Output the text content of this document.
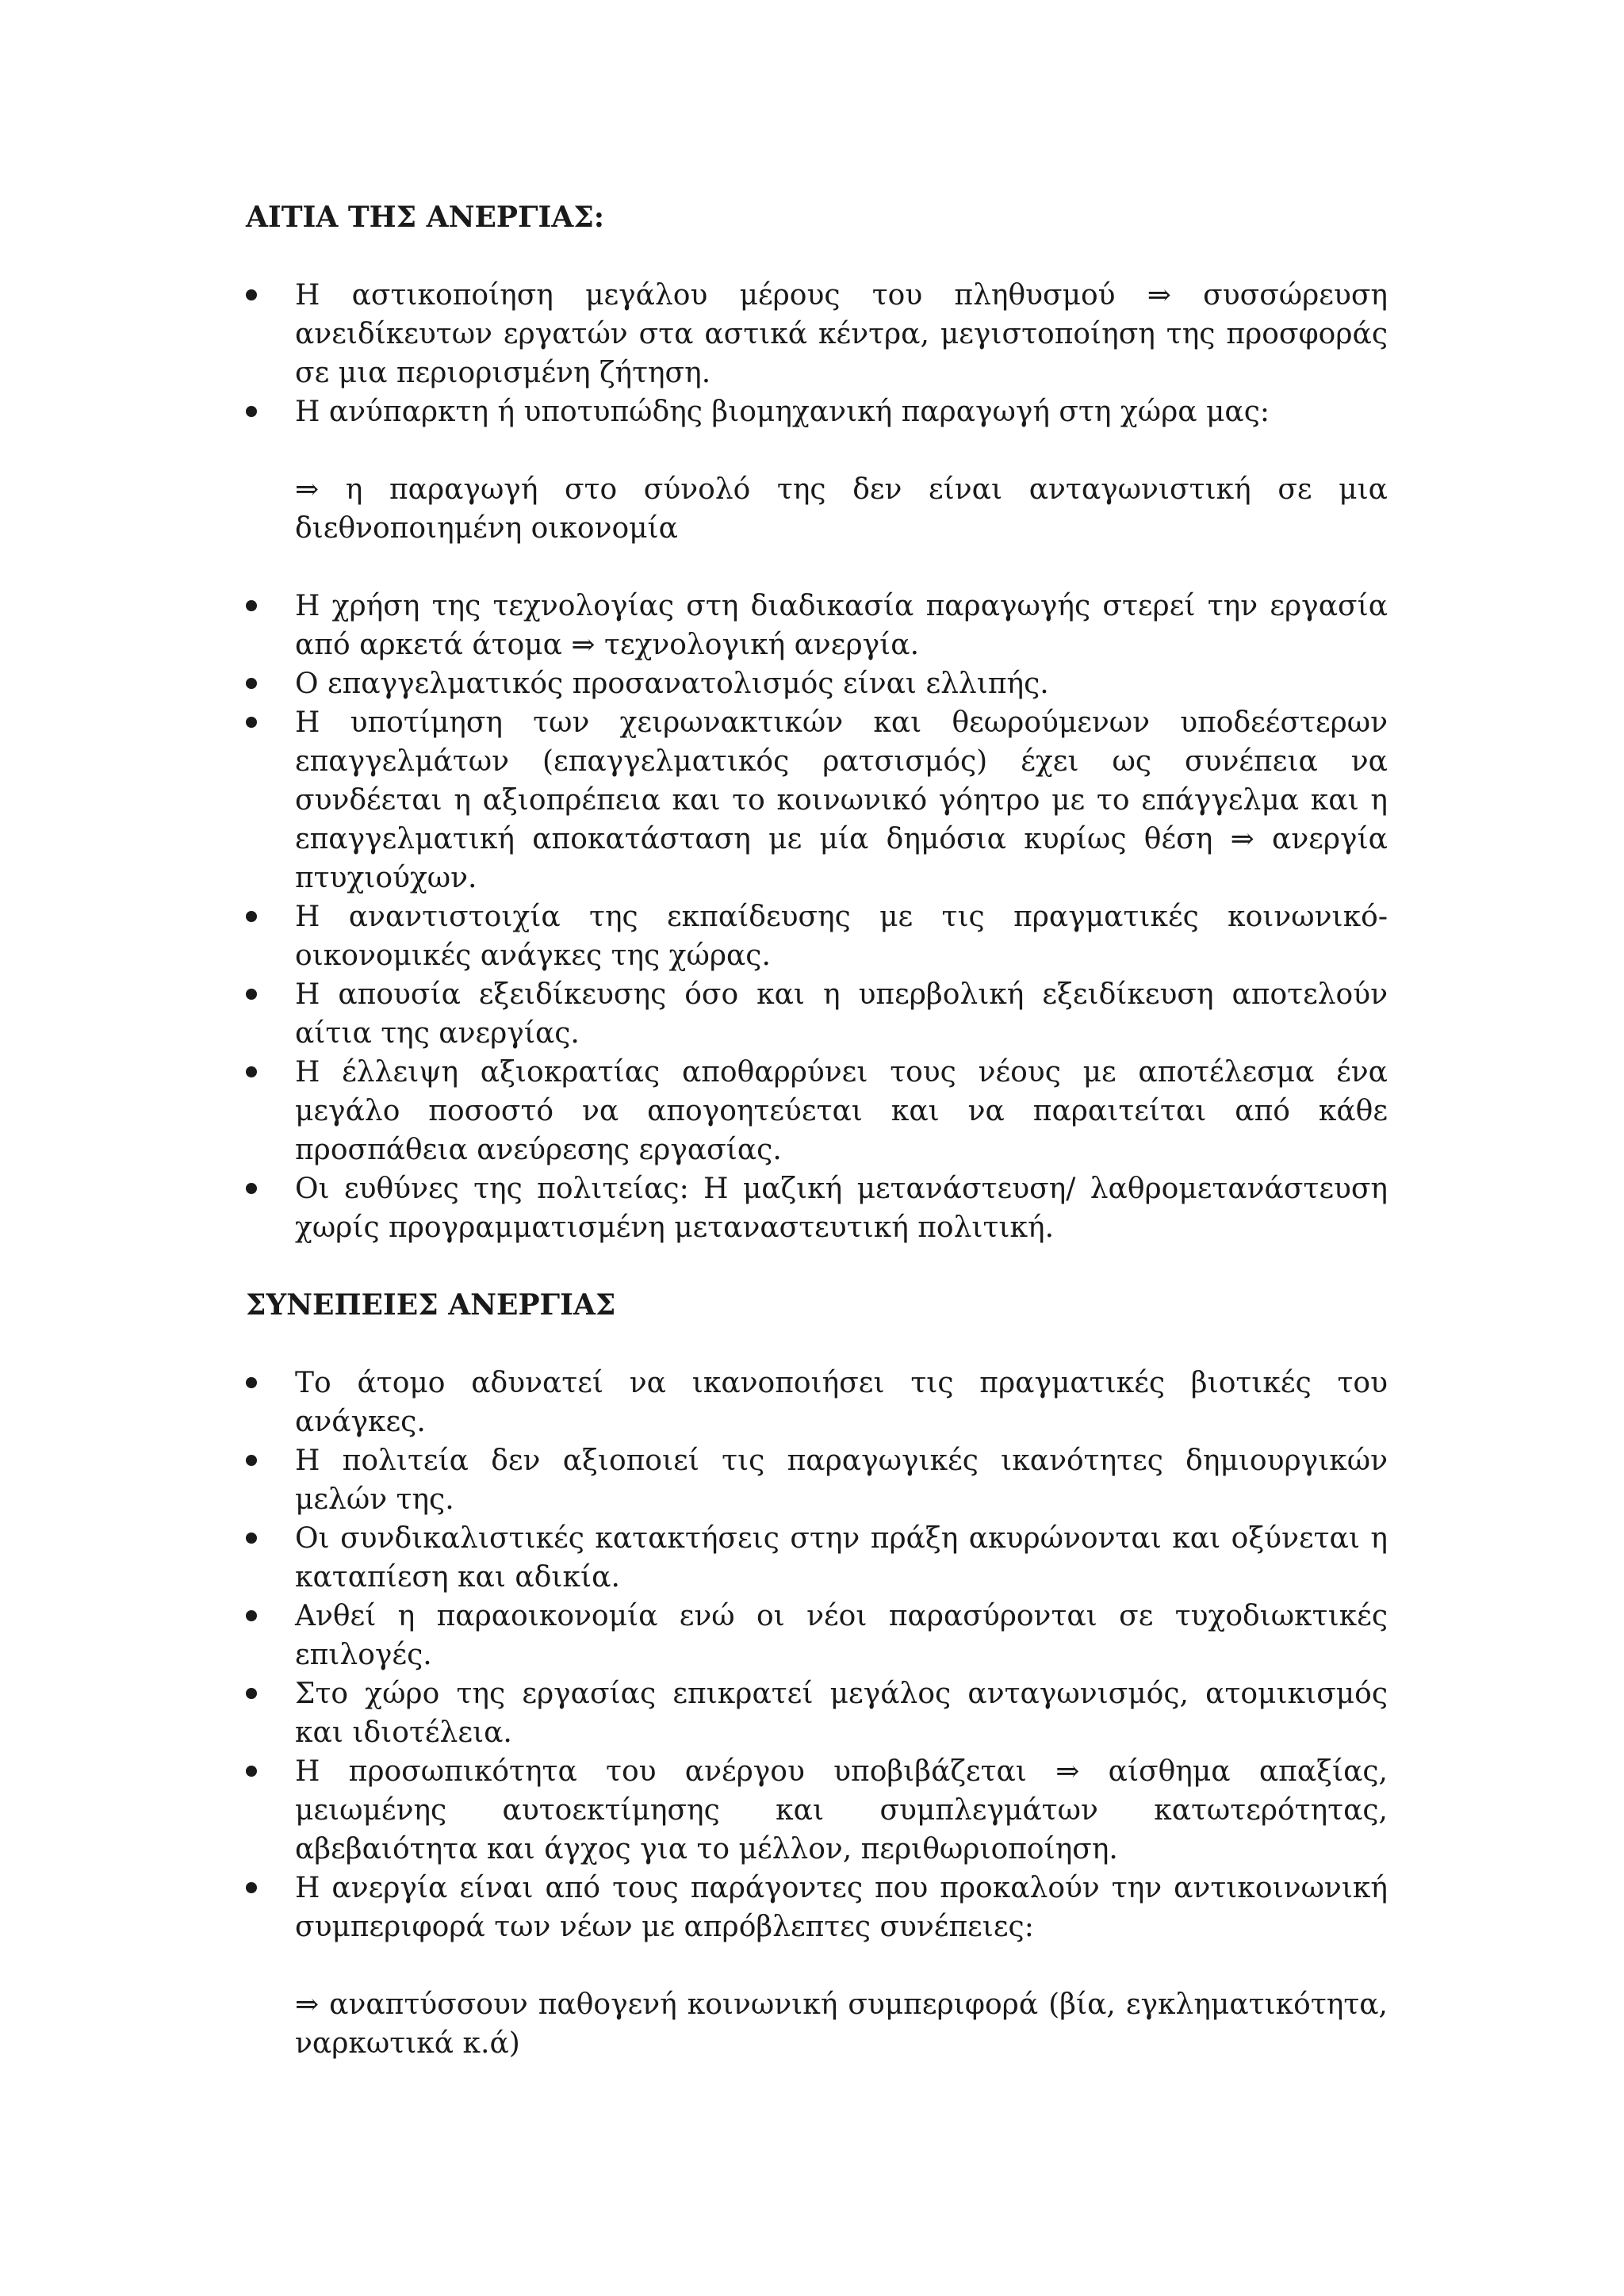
ΑΙΤΙΑ ΤΗΣ ΑΝΕΡΓΙΑΣ:

Η αστικοποίηση μεγάλου μέρους του πληθυσμού ⇒ συσσώρευση ανειδίκευτων εργατών στα αστικά κέντρα, μεγιστοποίηση της προσφοράς σε μια περιορισμένη ζήτηση.
Η ανύπαρκτη ή υποτυπώδης βιομηχανική παραγωγή στη χώρα μας:
⇒ η παραγωγή στο σύνολό της δεν είναι ανταγωνιστική σε μια διεθνοποιημένη οικονομία
Η χρήση της τεχνολογίας στη διαδικασία παραγωγής στερεί την εργασία από αρκετά άτομα ⇒ τεχνολογική ανεργία.
Ο επαγγελματικός προσανατολισμός είναι ελλιπής.
Η υποτίμηση των χειρωνακτικών και θεωρούμενων υποδεέστερων επαγγελμάτων (επαγγελματικός ρατσισμός) έχει ως συνέπεια να συνδέεται η αξιοπρέπεια και το κοινωνικό γόητρο με το επάγγελμα και η επαγγελματική αποκατάσταση με μία δημόσια κυρίως θέση ⇒ ανεργία πτυχιούχων.
Η αναντιστοιχία της εκπαίδευσης με τις πραγματικές κοινωνικό-οικονομικές ανάγκες της χώρας.
Η απουσία εξειδίκευσης όσο και η υπερβολική εξειδίκευση αποτελούν αίτια της ανεργίας.
Η έλλειψη αξιοκρατίας αποθαρρύνει τους νέους με αποτέλεσμα ένα μεγάλο ποσοστό να απογοητεύεται και να παραιτείται από κάθε προσπάθεια ανεύρεσης εργασίας.
Οι ευθύνες της πολιτείας: Η μαζική μετανάστευση/ λαθρομετανάστευση χωρίς προγραμματισμένη μεταναστευτική πολιτική.

ΣΥΝΕΠΕΙΕΣ ΑΝΕΡΓΙΑΣ

Το άτομο αδυνατεί να ικανοποιήσει τις πραγματικές βιοτικές του ανάγκες.
Η πολιτεία δεν αξιοποιεί τις παραγωγικές ικανότητες δημιουργικών μελών της.
Οι συνδικαλιστικές κατακτήσεις στην πράξη ακυρώνονται και οξύνεται η καταπίεση και αδικία.
Ανθεί η παραοικονομία ενώ οι νέοι παρασύρονται σε τυχοδιωκτικές επιλογές.
Στο χώρο της εργασίας επικρατεί μεγάλος ανταγωνισμός, ατομικισμός και ιδιοτέλεια.
Η προσωπικότητα του ανέργου υποβιβάζεται ⇒ αίσθημα απαξίας, μειωμένης αυτοεκτίμησης και συμπλεγμάτων κατωτερότητας, αβεβαιότητα και άγχος για το μέλλον, περιθωριοποίηση.
Η ανεργία είναι από τους παράγοντες που προκαλούν την αντικοινωνική συμπεριφορά των νέων με απρόβλεπτες συνέπειες:
⇒ αναπτύσσουν παθογενή κοινωνική συμπεριφορά (βία, εγκληματικότητα, ναρκωτικά κ.ά)
